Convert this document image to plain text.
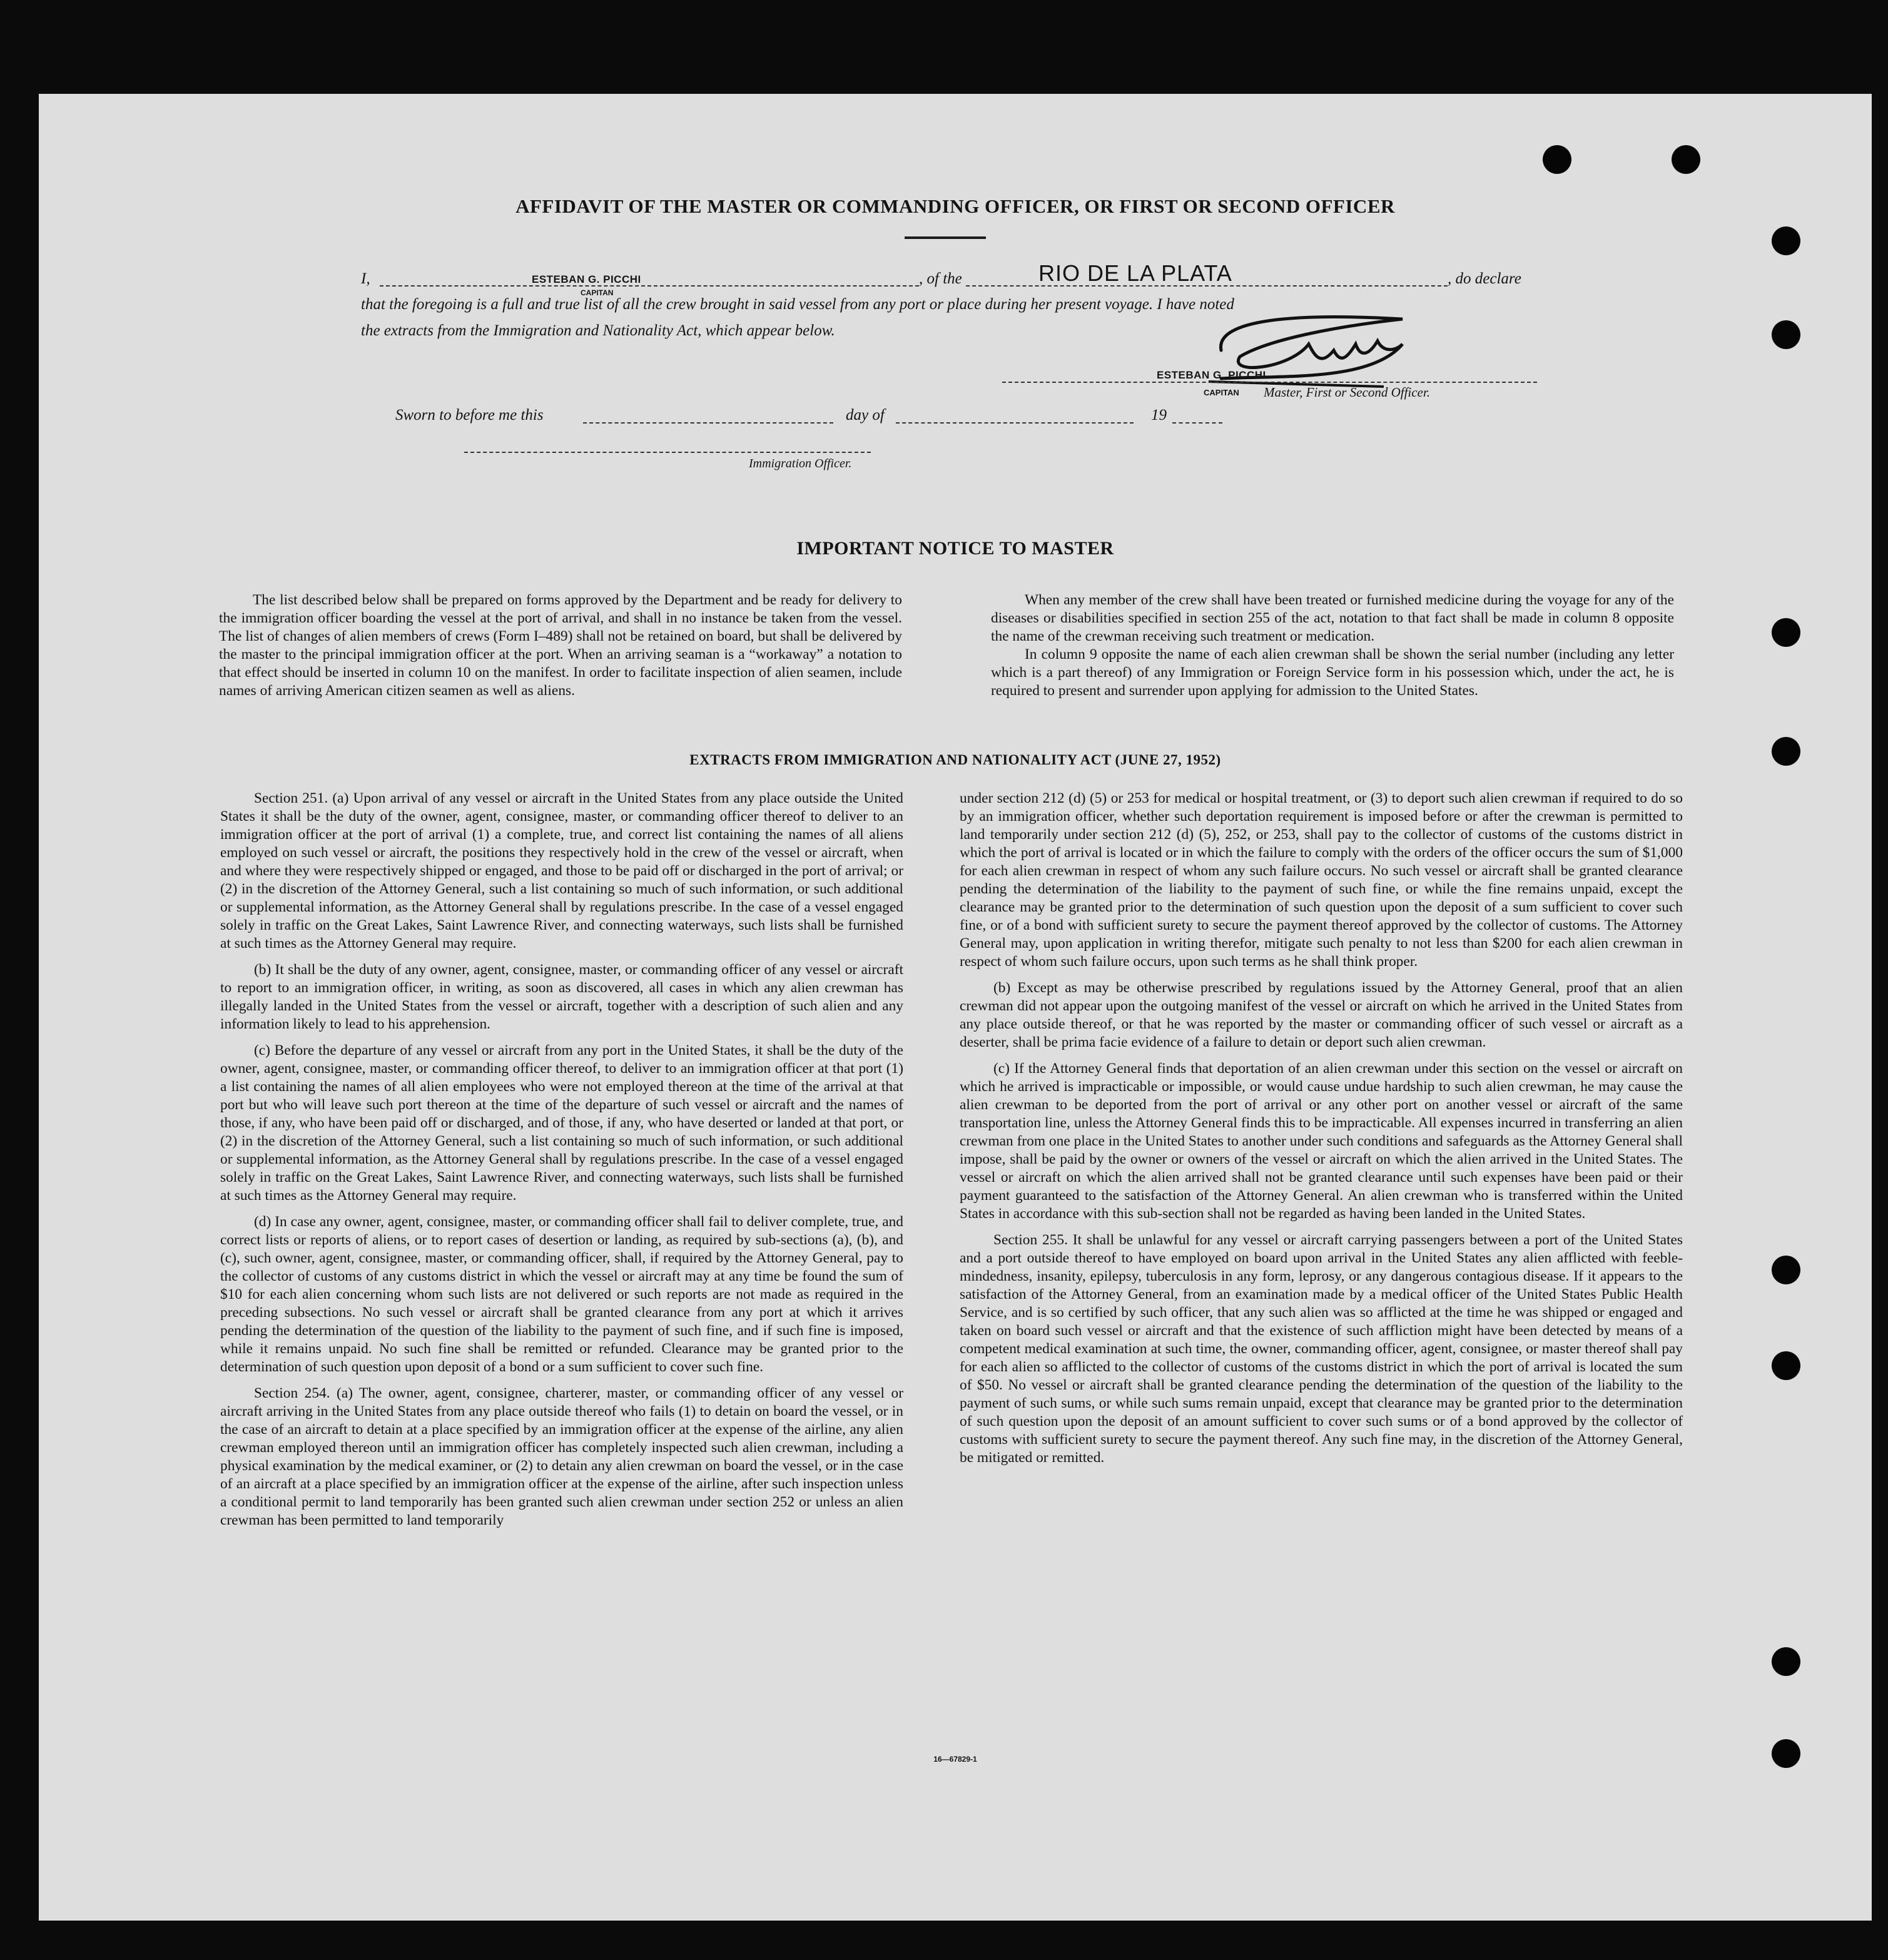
AFFIDAVIT OF THE MASTER OR COMMANDING OFFICER, OR FIRST OR SECOND OFFICER
I,	ESTEBAN G. PICCHI
CAPITAN
, of the	RIO DE LA PLATA	, do declare
that the foregoing is a full and true list of all the crew brought in said vessel from any port or place during her present voyage. I have noted
the extracts from the Immigration and Nationality Act, which appear below.
ESTEBAN G. PICCHI
CAPITAN Master, First or Second Officer.
Sworn to before me this	day of	19
Immigration Officer.
IMPORTANT NOTICE TO MASTER

The list described below shall be prepared on forms approved by the Department and be ready for delivery to the immigration officer boarding the vessel at the port of arrival, and shall in no instance be taken from the vessel. The list of changes of alien members of crews (Form I–489) shall not be retained on board, but shall be delivered by the master to the principal immigration officer at the port. When an arriving seaman is a “workaway” a notation to that effect should be inserted in column 10 on the manifest. In order to facilitate inspection of alien seamen, include names of arriving American citizen seamen as well as aliens.

When any member of the crew shall have been treated or furnished medicine during the voyage for any of the diseases or disabilities specified in section 255 of the act, notation to that fact shall be made in column 8 opposite the name of the crewman receiving such treatment or medication.

In column 9 opposite the name of each alien crewman shall be shown the serial number (including any letter which is a part thereof) of any Immigration or Foreign Service form in his possession which, under the act, he is required to present and surrender upon applying for admission to the United States.

EXTRACTS FROM IMMIGRATION AND NATIONALITY ACT (JUNE 27, 1952)

Section 251. (a) Upon arrival of any vessel or aircraft in the United States from any place outside the United States it shall be the duty of the owner, agent, consignee, master, or commanding officer thereof to deliver to an immigration officer at the port of arrival (1) a complete, true, and correct list containing the names of all aliens employed on such vessel or aircraft, the positions they respectively hold in the crew of the vessel or aircraft, when and where they were respectively shipped or engaged, and those to be paid off or discharged in the port of arrival; or (2) in the discretion of the Attorney General, such a list containing so much of such information, or such additional or supplemental information, as the Attorney General shall by regulations prescribe. In the case of a vessel engaged solely in traffic on the Great Lakes, Saint Lawrence River, and connecting waterways, such lists shall be furnished at such times as the Attorney General may require.

(b) It shall be the duty of any owner, agent, consignee, master, or commanding officer of any vessel or aircraft to report to an immigration officer, in writing, as soon as discovered, all cases in which any alien crewman has illegally landed in the United States from the vessel or aircraft, together with a description of such alien and any information likely to lead to his apprehension.

(c) Before the departure of any vessel or aircraft from any port in the United States, it shall be the duty of the owner, agent, consignee, master, or commanding officer thereof, to deliver to an immigration officer at that port (1) a list containing the names of all alien employees who were not employed thereon at the time of the arrival at that port but who will leave such port thereon at the time of the departure of such vessel or aircraft and the names of those, if any, who have been paid off or discharged, and of those, if any, who have deserted or landed at that port, or (2) in the discretion of the Attorney General, such a list containing so much of such information, or such additional or supplemental information, as the Attorney General shall by regulations prescribe. In the case of a vessel engaged solely in traffic on the Great Lakes, Saint Lawrence River, and connecting waterways, such lists shall be furnished at such times as the Attorney General may require.

(d) In case any owner, agent, consignee, master, or commanding officer shall fail to deliver complete, true, and correct lists or reports of aliens, or to report cases of desertion or landing, as required by sub-sections (a), (b), and (c), such owner, agent, consignee, master, or commanding officer, shall, if required by the Attorney General, pay to the collector of customs of any customs district in which the vessel or aircraft may at any time be found the sum of $10 for each alien concerning whom such lists are not delivered or such reports are not made as required in the preceding subsections. No such vessel or aircraft shall be granted clearance from any port at which it arrives pending the determination of the question of the liability to the payment of such fine, and if such fine is imposed, while it remains unpaid. No such fine shall be remitted or refunded. Clearance may be granted prior to the determination of such question upon deposit of a bond or a sum sufficient to cover such fine.

Section 254. (a) The owner, agent, consignee, charterer, master, or commanding officer of any vessel or aircraft arriving in the United States from any place outside thereof who fails (1) to detain on board the vessel, or in the case of an aircraft to detain at a place specified by an immigration officer at the expense of the airline, any alien crewman employed thereon until an immigration officer has completely inspected such alien crewman, including a physical examination by the medical examiner, or (2) to detain any alien crewman on board the vessel, or in the case of an aircraft at a place specified by an immigration officer at the expense of the airline, after such inspection unless a conditional permit to land temporarily has been granted such alien crewman under section 252 or unless an alien crewman has been permitted to land temporarily

under section 212 (d) (5) or 253 for medical or hospital treatment, or (3) to deport such alien crewman if required to do so by an immigration officer, whether such deportation requirement is imposed before or after the crewman is permitted to land temporarily under section 212 (d) (5), 252, or 253, shall pay to the collector of customs of the customs district in which the port of arrival is located or in which the failure to comply with the orders of the officer occurs the sum of $1,000 for each alien crewman in respect of whom any such failure occurs. No such vessel or aircraft shall be granted clearance pending the determination of the liability to the payment of such fine, or while the fine remains unpaid, except the clearance may be granted prior to the determination of such question upon the deposit of a sum sufficient to cover such fine, or of a bond with sufficient surety to secure the payment thereof approved by the collector of customs. The Attorney General may, upon application in writing therefor, mitigate such penalty to not less than $200 for each alien crewman in respect of whom such failure occurs, upon such terms as he shall think proper.

(b) Except as may be otherwise prescribed by regulations issued by the Attorney General, proof that an alien crewman did not appear upon the outgoing manifest of the vessel or aircraft on which he arrived in the United States from any place outside thereof, or that he was reported by the master or commanding officer of such vessel or aircraft as a deserter, shall be prima facie evidence of a failure to detain or deport such alien crewman.

(c) If the Attorney General finds that deportation of an alien crewman under this section on the vessel or aircraft on which he arrived is impracticable or impossible, or would cause undue hardship to such alien crewman, he may cause the alien crewman to be deported from the port of arrival or any other port on another vessel or aircraft of the same transportation line, unless the Attorney General finds this to be impracticable. All expenses incurred in transferring an alien crewman from one place in the United States to another under such conditions and safeguards as the Attorney General shall impose, shall be paid by the owner or owners of the vessel or aircraft on which the alien arrived in the United States. The vessel or aircraft on which the alien arrived shall not be granted clearance until such expenses have been paid or their payment guaranteed to the satisfaction of the Attorney General. An alien crewman who is transferred within the United States in accordance with this sub-section shall not be regarded as having been landed in the United States.

Section 255. It shall be unlawful for any vessel or aircraft carrying passengers between a port of the United States and a port outside thereof to have employed on board upon arrival in the United States any alien afflicted with feeble-mindedness, insanity, epilepsy, tuberculosis in any form, leprosy, or any dangerous contagious disease. If it appears to the satisfaction of the Attorney General, from an examination made by a medical officer of the United States Public Health Service, and is so certified by such officer, that any such alien was so afflicted at the time he was shipped or engaged and taken on board such vessel or aircraft and that the existence of such affliction might have been detected by means of a competent medical examination at such time, the owner, commanding officer, agent, consignee, or master thereof shall pay for each alien so afflicted to the collector of customs of the customs district in which the port of arrival is located the sum of $50. No vessel or aircraft shall be granted clearance pending the determination of the question of the liability to the payment of such sums, or while such sums remain unpaid, except that clearance may be granted prior to the determination of such question upon the deposit of an amount sufficient to cover such sums or of a bond approved by the collector of customs with sufficient surety to secure the payment thereof. Any such fine may, in the discretion of the Attorney General, be mitigated or remitted.

16—67829-1
